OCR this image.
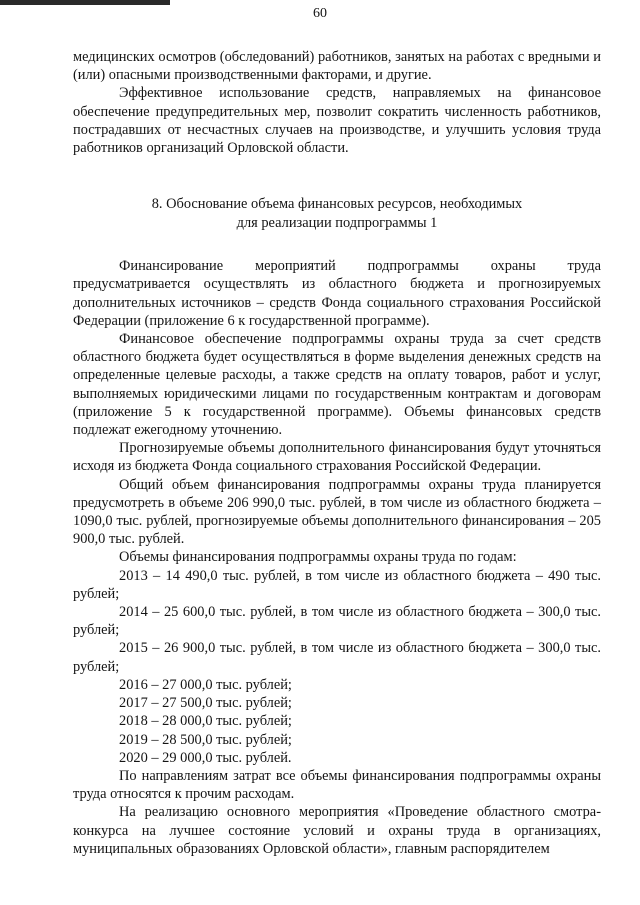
60

медицинских осмотров (обследований) работников, занятых на работах с вредными и (или) опасными производственными факторами, и другие.

Эффективное использование средств, направляемых на финансовое обеспечение предупредительных мер, позволит сократить численность работников, пострадавших от несчастных случаев на производстве, и улучшить условия труда работников организаций Орловской области.

8. Обоснование объема финансовых ресурсов, необходимых

для реализации подпрограммы 1

Финансирование мероприятий подпрограммы охраны труда предусматривается осуществлять из областного бюджета и прогнозируемых дополнительных источников – средств Фонда социального страхования Российской Федерации (приложение 6 к государственной программе).

Финансовое обеспечение подпрограммы охраны труда за счет средств областного бюджета будет осуществляться в форме выделения денежных средств на определенные целевые расходы, а также средств на оплату товаров, работ и услуг, выполняемых юридическими лицами по государственным контрактам и договорам (приложение 5 к государственной программе). Объемы финансовых средств подлежат ежегодному уточнению.

Прогнозируемые объемы дополнительного финансирования будут уточняться исходя из бюджета Фонда социального страхования Российской Федерации.

Общий объем финансирования подпрограммы охраны труда планируется предусмотреть в объеме 206 990,0 тыс. рублей, в том числе из областного бюджета – 1090,0 тыс. рублей, прогнозируемые объемы дополнительного финансирования – 205 900,0 тыс. рублей.

Объемы финансирования подпрограммы охраны труда по годам:

2013 – 14 490,0 тыс. рублей, в том числе из областного бюджета – 490 тыс. рублей;

2014 – 25 600,0 тыс. рублей, в том числе из областного бюджета – 300,0 тыс. рублей;

2015 – 26 900,0 тыс. рублей, в том числе из областного бюджета – 300,0 тыс. рублей;

2016 – 27 000,0 тыс. рублей;

2017 – 27 500,0 тыс. рублей;

2018 – 28 000,0 тыс. рублей;

2019 – 28 500,0 тыс. рублей;

2020 – 29 000,0 тыс. рублей.

По направлениям затрат все объемы финансирования подпрограммы охраны труда относятся к прочим расходам.

На реализацию основного мероприятия «Проведение областного смотра-конкурса на лучшее состояние условий и охраны труда в организациях, муниципальных образованиях Орловской области», главным распорядителем
